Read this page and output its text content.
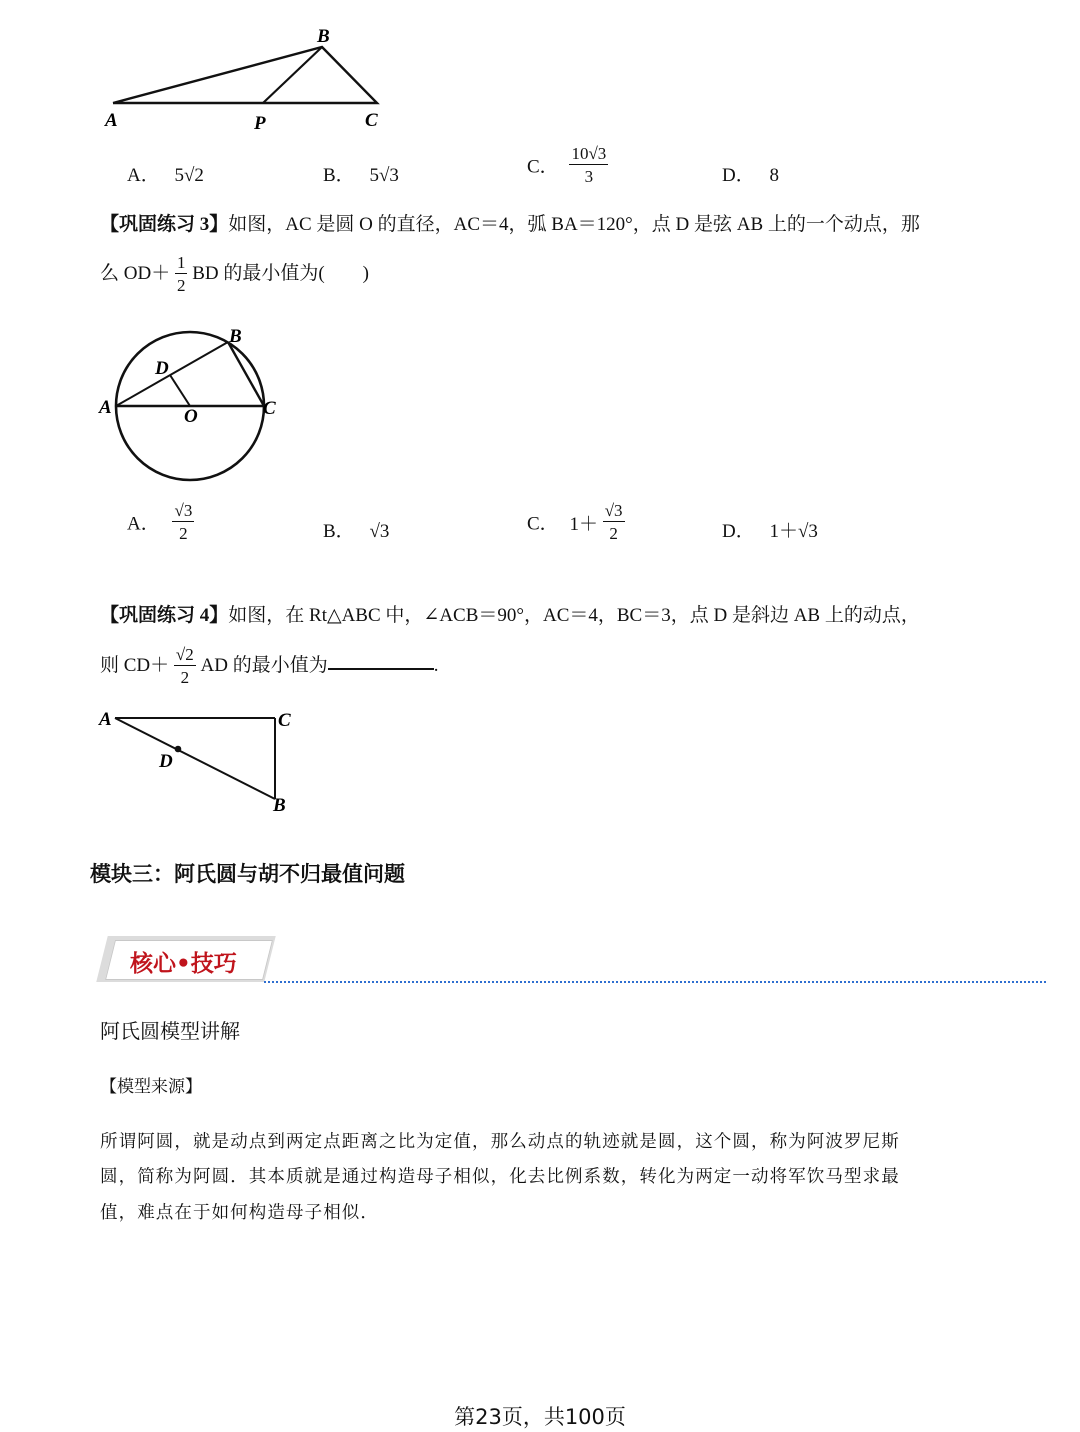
B
A	P	C
A． 5√2	B． 5√3	C． $\frac{10√3}{3}$	D． 8
【巩固练习 3】如图，AC 是圆 O 的直径，AC＝4，弧 BA＝120°，点 D 是弦 AB 上的一个动点，那
么 $OD+ \frac{1}{2}$ BD 的最小值为(　　)
B
D
A	O	C
A． $\frac{√3}{2}$	B． √3	C． $1+ \frac{√3}{2}$	D． 1＋√3
【巩固练习 4】如图，在 Rt△ABC 中，∠ACB＝90°，AC＝4，BC＝3，点 D 是斜边 AB 上的动点，
则 $CD+ \frac{√2}{2}$ AD 的最小值为	.
A	C
D
B
模块三：阿氏圆与胡不归最值问题
核心•技巧
阿氏圆模型讲解
【模型来源】
所谓阿圆，就是动点到两定点距离之比为定值，那么动点的轨迹就是圆，这个圆，称为阿波罗尼斯
圆，简称为阿圆．其本质就是通过构造母子相似，化去比例系数，转化为两定一动将军饮马型求最
值，难点在于如何构造母子相似．
第23页，共100页
